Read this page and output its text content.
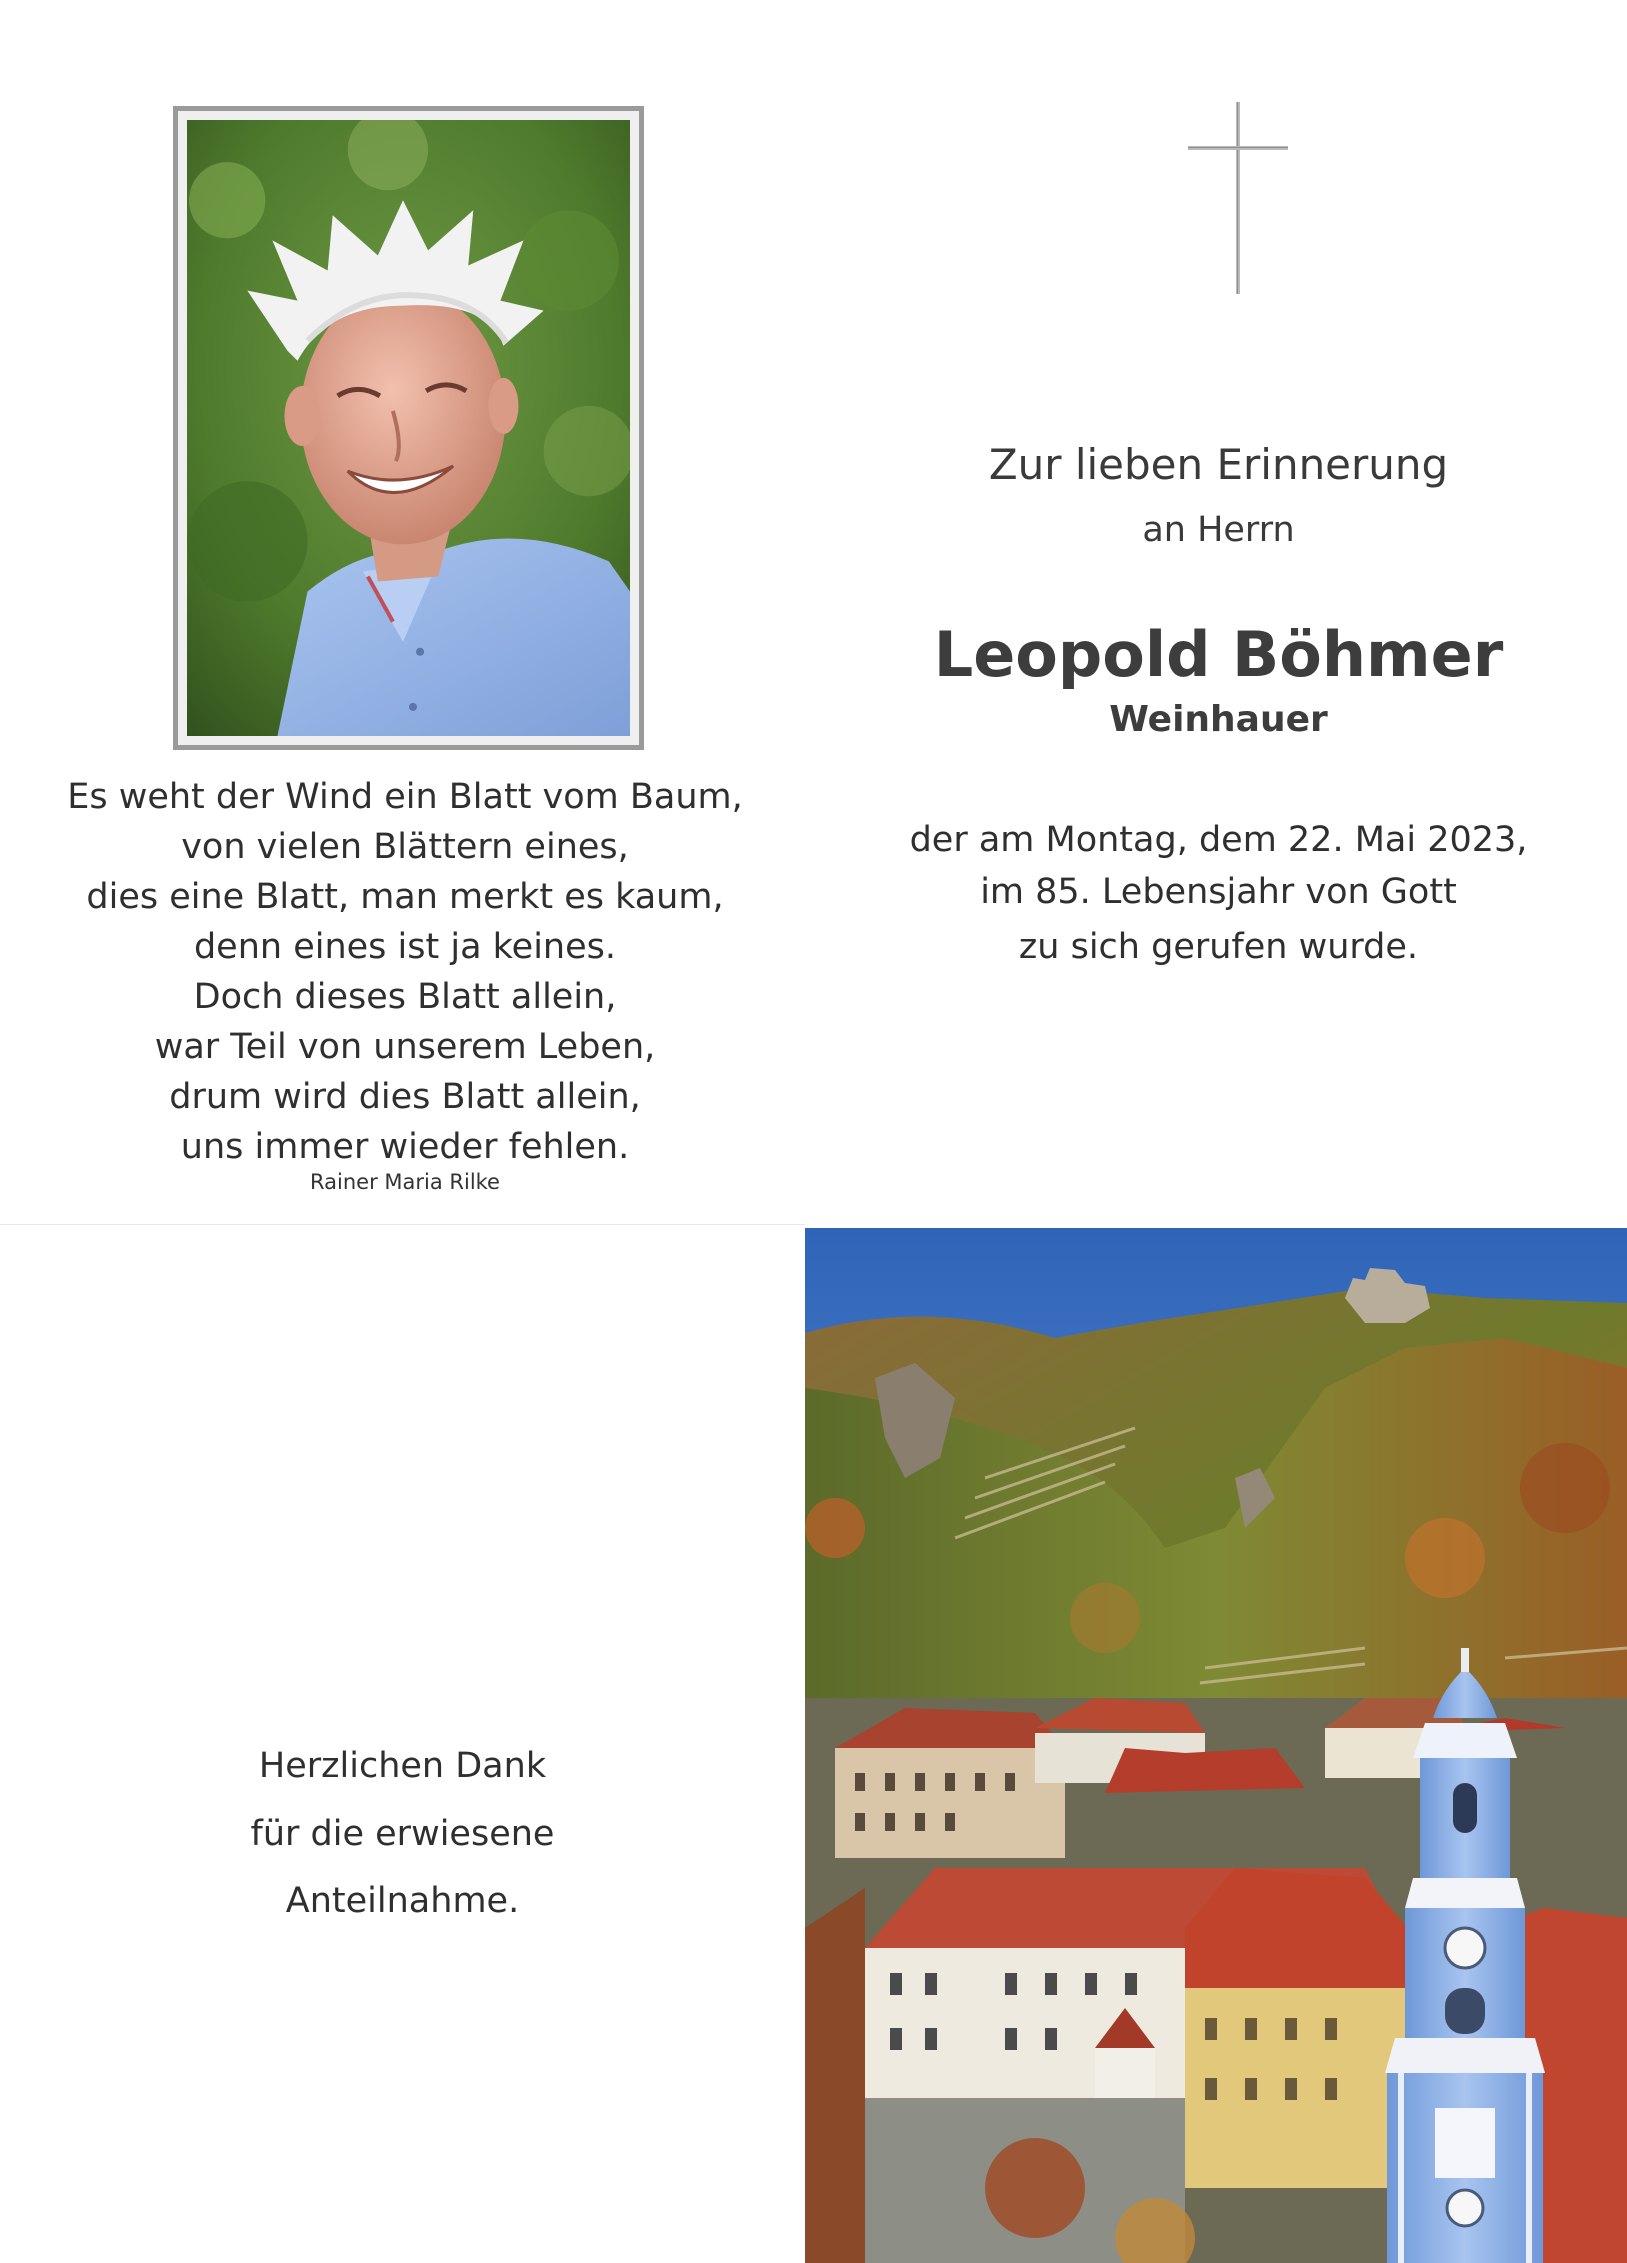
Es weht der Wind ein Blatt vom Baum,
von vielen Blättern eines,
dies eine Blatt, man merkt es kaum,
denn eines ist ja keines.
Doch dieses Blatt allein,
war Teil von unserem Leben,
drum wird dies Blatt allein,
uns immer wieder fehlen.
Rainer Maria Rilke
Zur lieben Erinnerung
an Herrn
Leopold Böhmer
Weinhauer
der am Montag, dem 22. Mai 2023,
im 85. Lebensjahr von Gott
zu sich gerufen wurde.
Herzlichen Dank
für die erwiesene
Anteilnahme.
